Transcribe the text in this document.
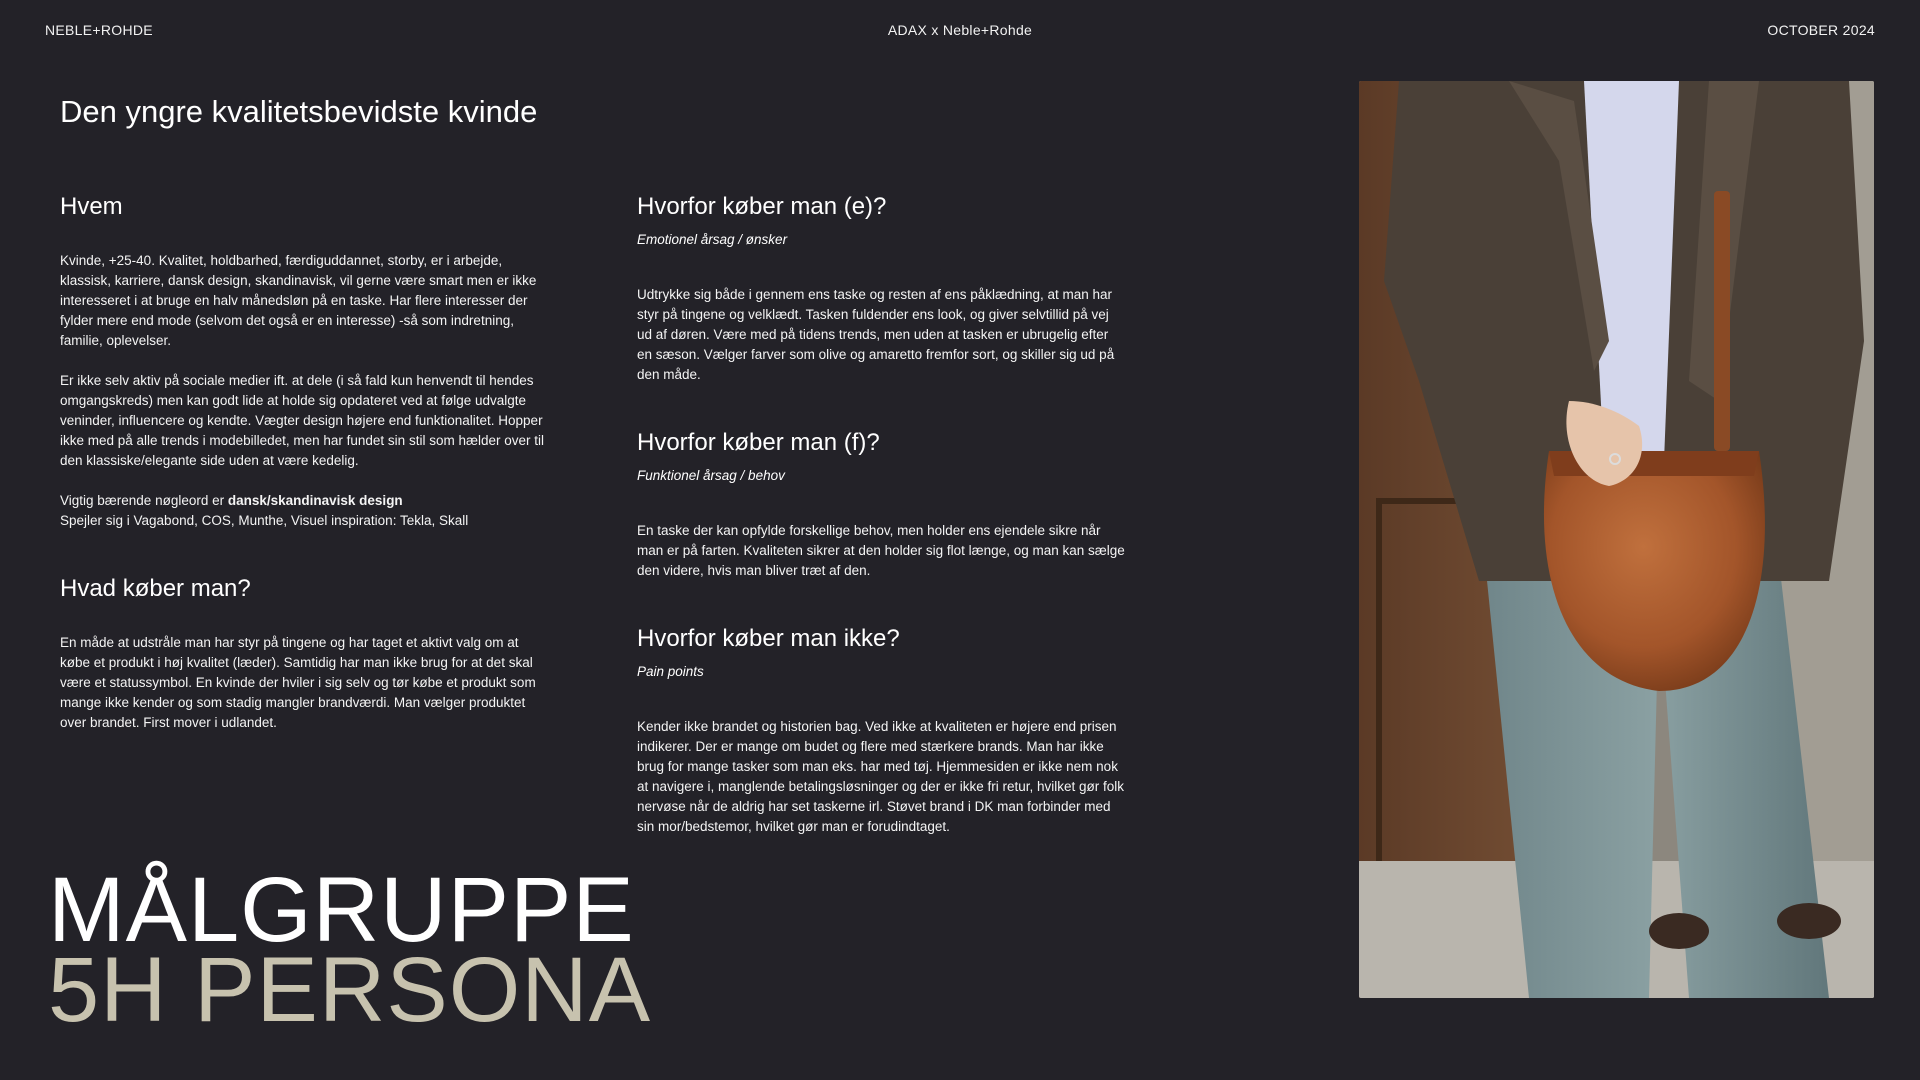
NEBLE+ROHDE	ADAX x Neble+Rohde	OCTOBER 2024
Den yngre kvalitetsbevidste kvinde
Hvem

Kvinde, +25-40. Kvalitet, holdbarhed, færdiguddannet, storby, er i arbejde, klassisk, karriere, dansk design, skandinavisk, vil gerne være smart men er ikke interesseret i at bruge en halv månedsløn på en taske. Har flere interesser der fylder mere end mode (selvom det også er en interesse) -så som indretning, familie, oplevelser.

Er ikke selv aktiv på sociale medier ift. at dele (i så fald kun henvendt til hendes omgangskreds) men kan godt lide at holde sig opdateret ved at følge udvalgte veninder, influencere og kendte. Vægter design højere end funktionalitet. Hopper ikke med på alle trends i modebilledet, men har fundet sin stil som hælder over til den klassiske/elegante side uden at være kedelig.

Vigtig bærende nøgleord er dansk/skandinavisk design
Spejler sig i Vagabond, COS, Munthe, Visuel inspiration: Tekla, Skall

Hvad køber man?

En måde at udstråle man har styr på tingene og har taget et aktivt valg om at købe et produkt i høj kvalitet (læder). Samtidig har man ikke brug for at det skal være et statussymbol. En kvinde der hviler i sig selv og tør købe et produkt som mange ikke kender og som stadig mangler brandværdi. Man vælger produktet over brandet. First mover i udlandet.

Hvorfor køber man (e)?
Emotionel årsag / ønsker

Udtrykke sig både i gennem ens taske og resten af ens påklædning, at man har styr på tingene og velklædt. Tasken fuldender ens look, og giver selvtillid på vej ud af døren. Være med på tidens trends, men uden at tasken er ubrugelig efter en sæson. Vælger farver som olive og amaretto fremfor sort, og skiller sig ud på den måde.

Hvorfor køber man (f)?
Funktionel årsag / behov

En taske der kan opfylde forskellige behov, men holder ens ejendele sikre når man er på farten. Kvaliteten sikrer at den holder sig flot længe, og man kan sælge den videre, hvis man bliver træt af den.

Hvorfor køber man ikke?
Pain points

Kender ikke brandet og historien bag. Ved ikke at kvaliteten er højere end prisen indikerer. Der er mange om budet og flere med stærkere brands. Man har ikke brug for mange tasker som man eks. har med tøj. Hjemmesiden er ikke nem nok at navigere i, manglende betalingsløsninger og der er ikke fri retur, hvilket gør folk nervøse når de aldrig har set taskerne irl. Støvet brand i DK man forbinder med sin mor/bedstemor, hvilket gør man er forudindtaget.

MÅLGRUPPE
5H PERSONA
